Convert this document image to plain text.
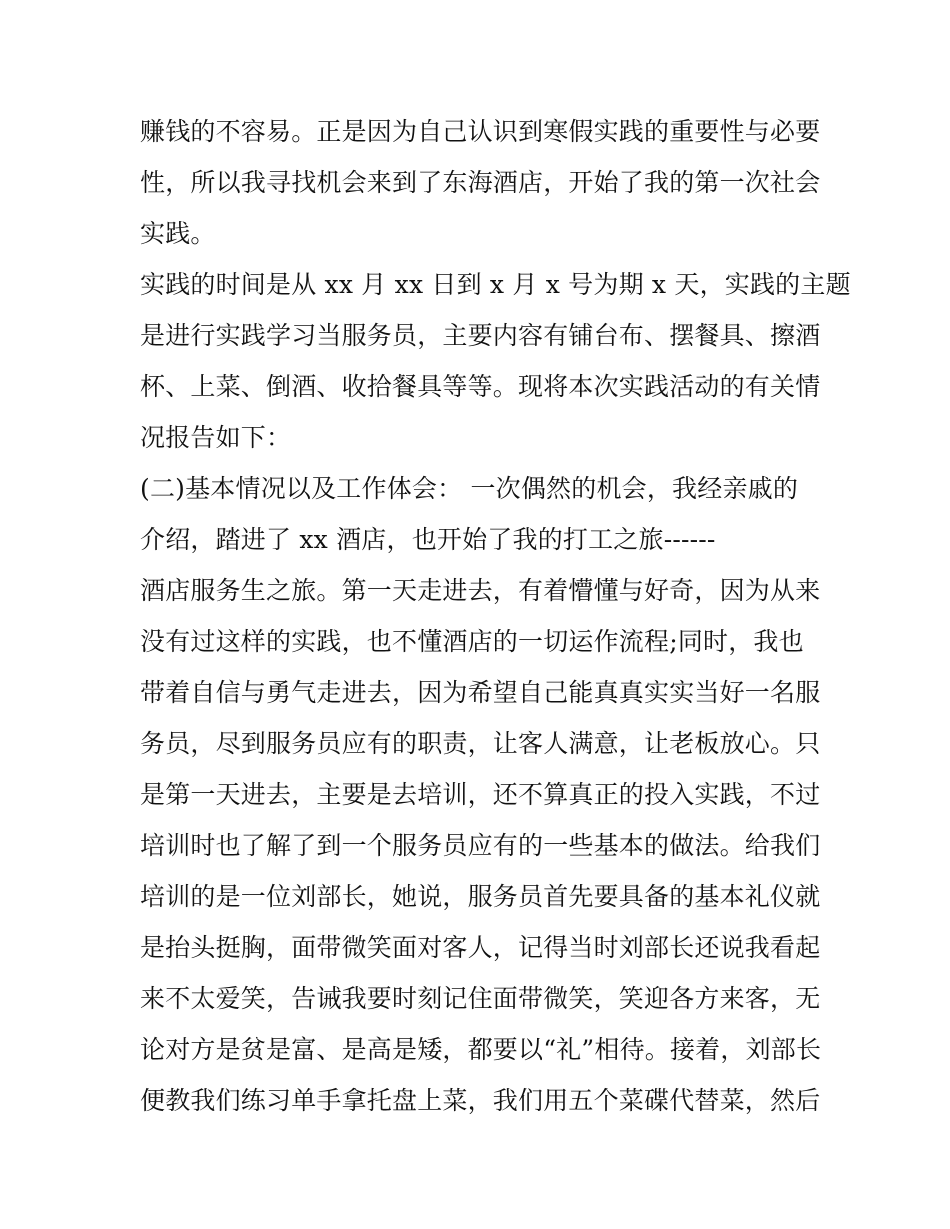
赚钱的不容易。正是因为自己认识到寒假实践的重要性与必要
性，所以我寻找机会来到了东海酒店，开始了我的第一次社会
实践。
实践的时间是从 xx 月 xx 日到 x 月 x 号为期 x 天，实践的主题
是进行实践学习当服务员，主要内容有铺台布、摆餐具、擦酒
杯、上菜、倒酒、收拾餐具等等。现将本次实践活动的有关情
况报告如下：
(二)基本情况以及工作体会： 一次偶然的机会，我经亲戚的
介绍，踏进了 xx 酒店，也开始了我的打工之旅------
酒店服务生之旅。第一天走进去，有着懵懂与好奇，因为从来
没有过这样的实践，也不懂酒店的一切运作流程;同时，我也
带着自信与勇气走进去，因为希望自己能真真实实当好一名服
务员，尽到服务员应有的职责，让客人满意，让老板放心。只
是第一天进去，主要是去培训，还不算真正的投入实践，不过
培训时也了解了到一个服务员应有的一些基本的做法。给我们
培训的是一位刘部长，她说，服务员首先要具备的基本礼仪就
是抬头挺胸，面带微笑面对客人，记得当时刘部长还说我看起
来不太爱笑，告诫我要时刻记住面带微笑，笑迎各方来客，无
论对方是贫是富、是高是矮，都要以“礼”相待。接着，刘部长
便教我们练习单手拿托盘上菜，我们用五个菜碟代替菜，然后
